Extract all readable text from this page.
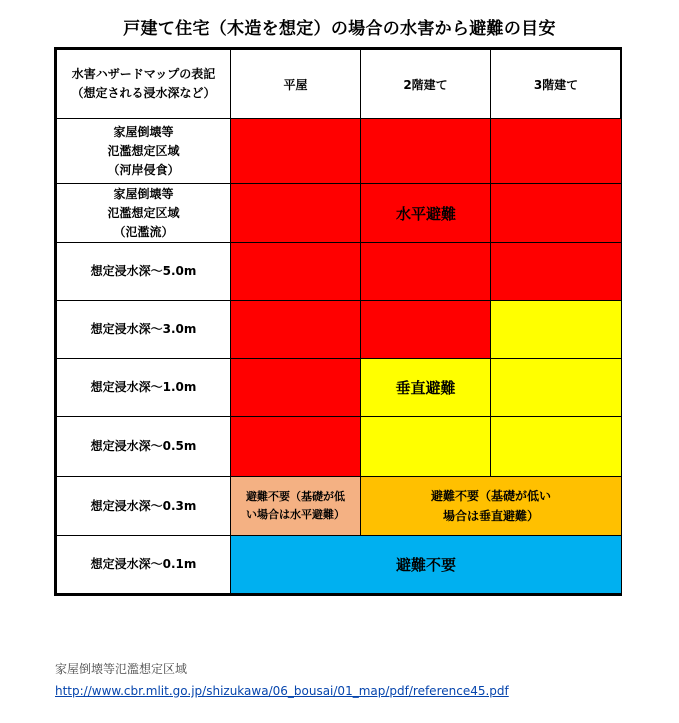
戸建て住宅（木造を想定）の場合の水害から避難の目安
水害ハザードマップの表記
（想定される浸水深など）
平屋	2階建て	3階建て
家屋倒壊等
氾濫想定区域
（河岸侵食）
家屋倒壊等
氾濫想定区域
（氾濫流）
想定浸水深～5.0m
想定浸水深～3.0m
想定浸水深～1.0m
想定浸水深～0.5m
想定浸水深～0.3m
避難不要（基礎が低
い場合は水平避難）
想定浸水深～0.1m
水平避難
垂直避難
避難不要（基礎が低い
場合は垂直避難）
避難不要
家屋倒壊等氾濫想定区域
http://www.cbr.mlit.go.jp/shizukawa/06_bousai/01_map/pdf/reference45.pdf
